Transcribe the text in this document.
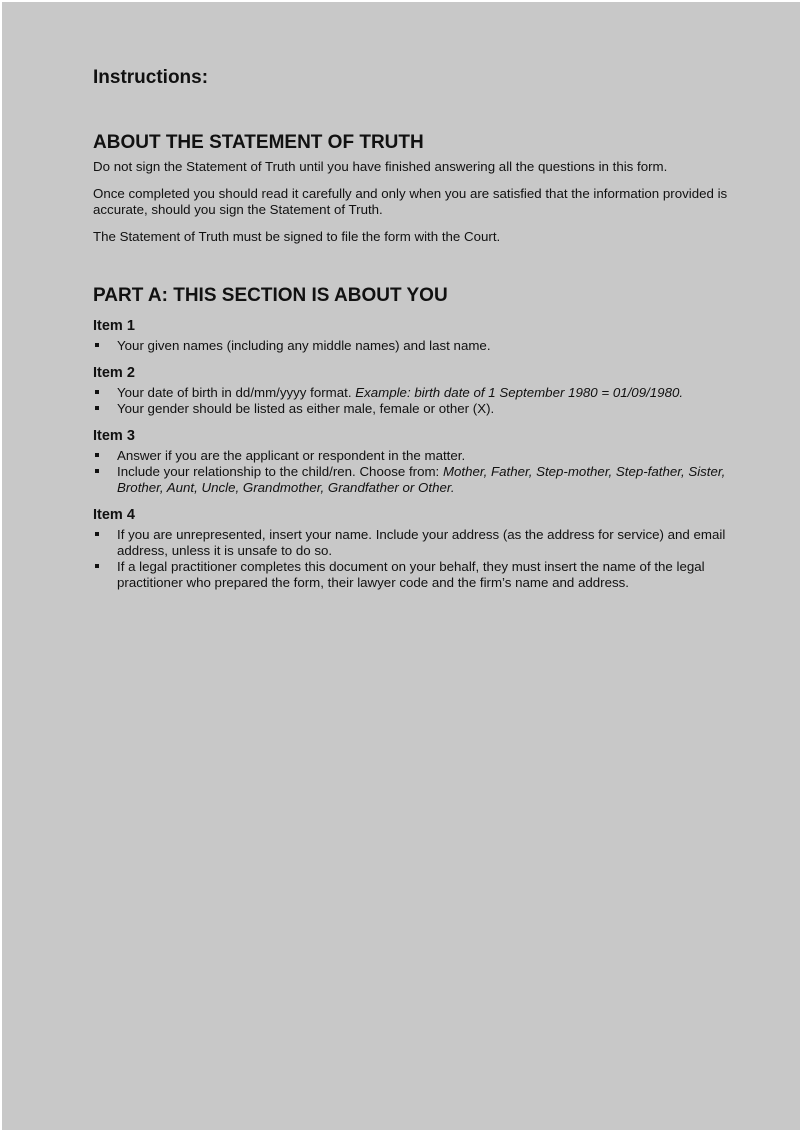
Instructions:
ABOUT THE STATEMENT OF TRUTH

Do not sign the Statement of Truth until you have finished answering all the questions in this form.

Once completed you should read it carefully and only when you are satisfied that the information provided is accurate, should you sign the Statement of Truth.

The Statement of Truth must be signed to file the form with the Court.

PART A: THIS SECTION IS ABOUT YOU
Item 1
Your given names (including any middle names) and last name.
Item 2
Your date of birth in dd/mm/yyyy format. Example: birth date of 1 September 1980 = 01/09/1980.
Your gender should be listed as either male, female or other (X).
Item 3
Answer if you are the applicant or respondent in the matter.
Include your relationship to the child/ren. Choose from: Mother, Father, Step-mother, Step-father, Sister, Brother, Aunt, Uncle, Grandmother, Grandfather or Other.
Item 4
If you are unrepresented, insert your name. Include your address (as the address for service) and email address, unless it is unsafe to do so.
If a legal practitioner completes this document on your behalf, they must insert the name of the legal practitioner who prepared the form, their lawyer code and the firm’s name and address.
